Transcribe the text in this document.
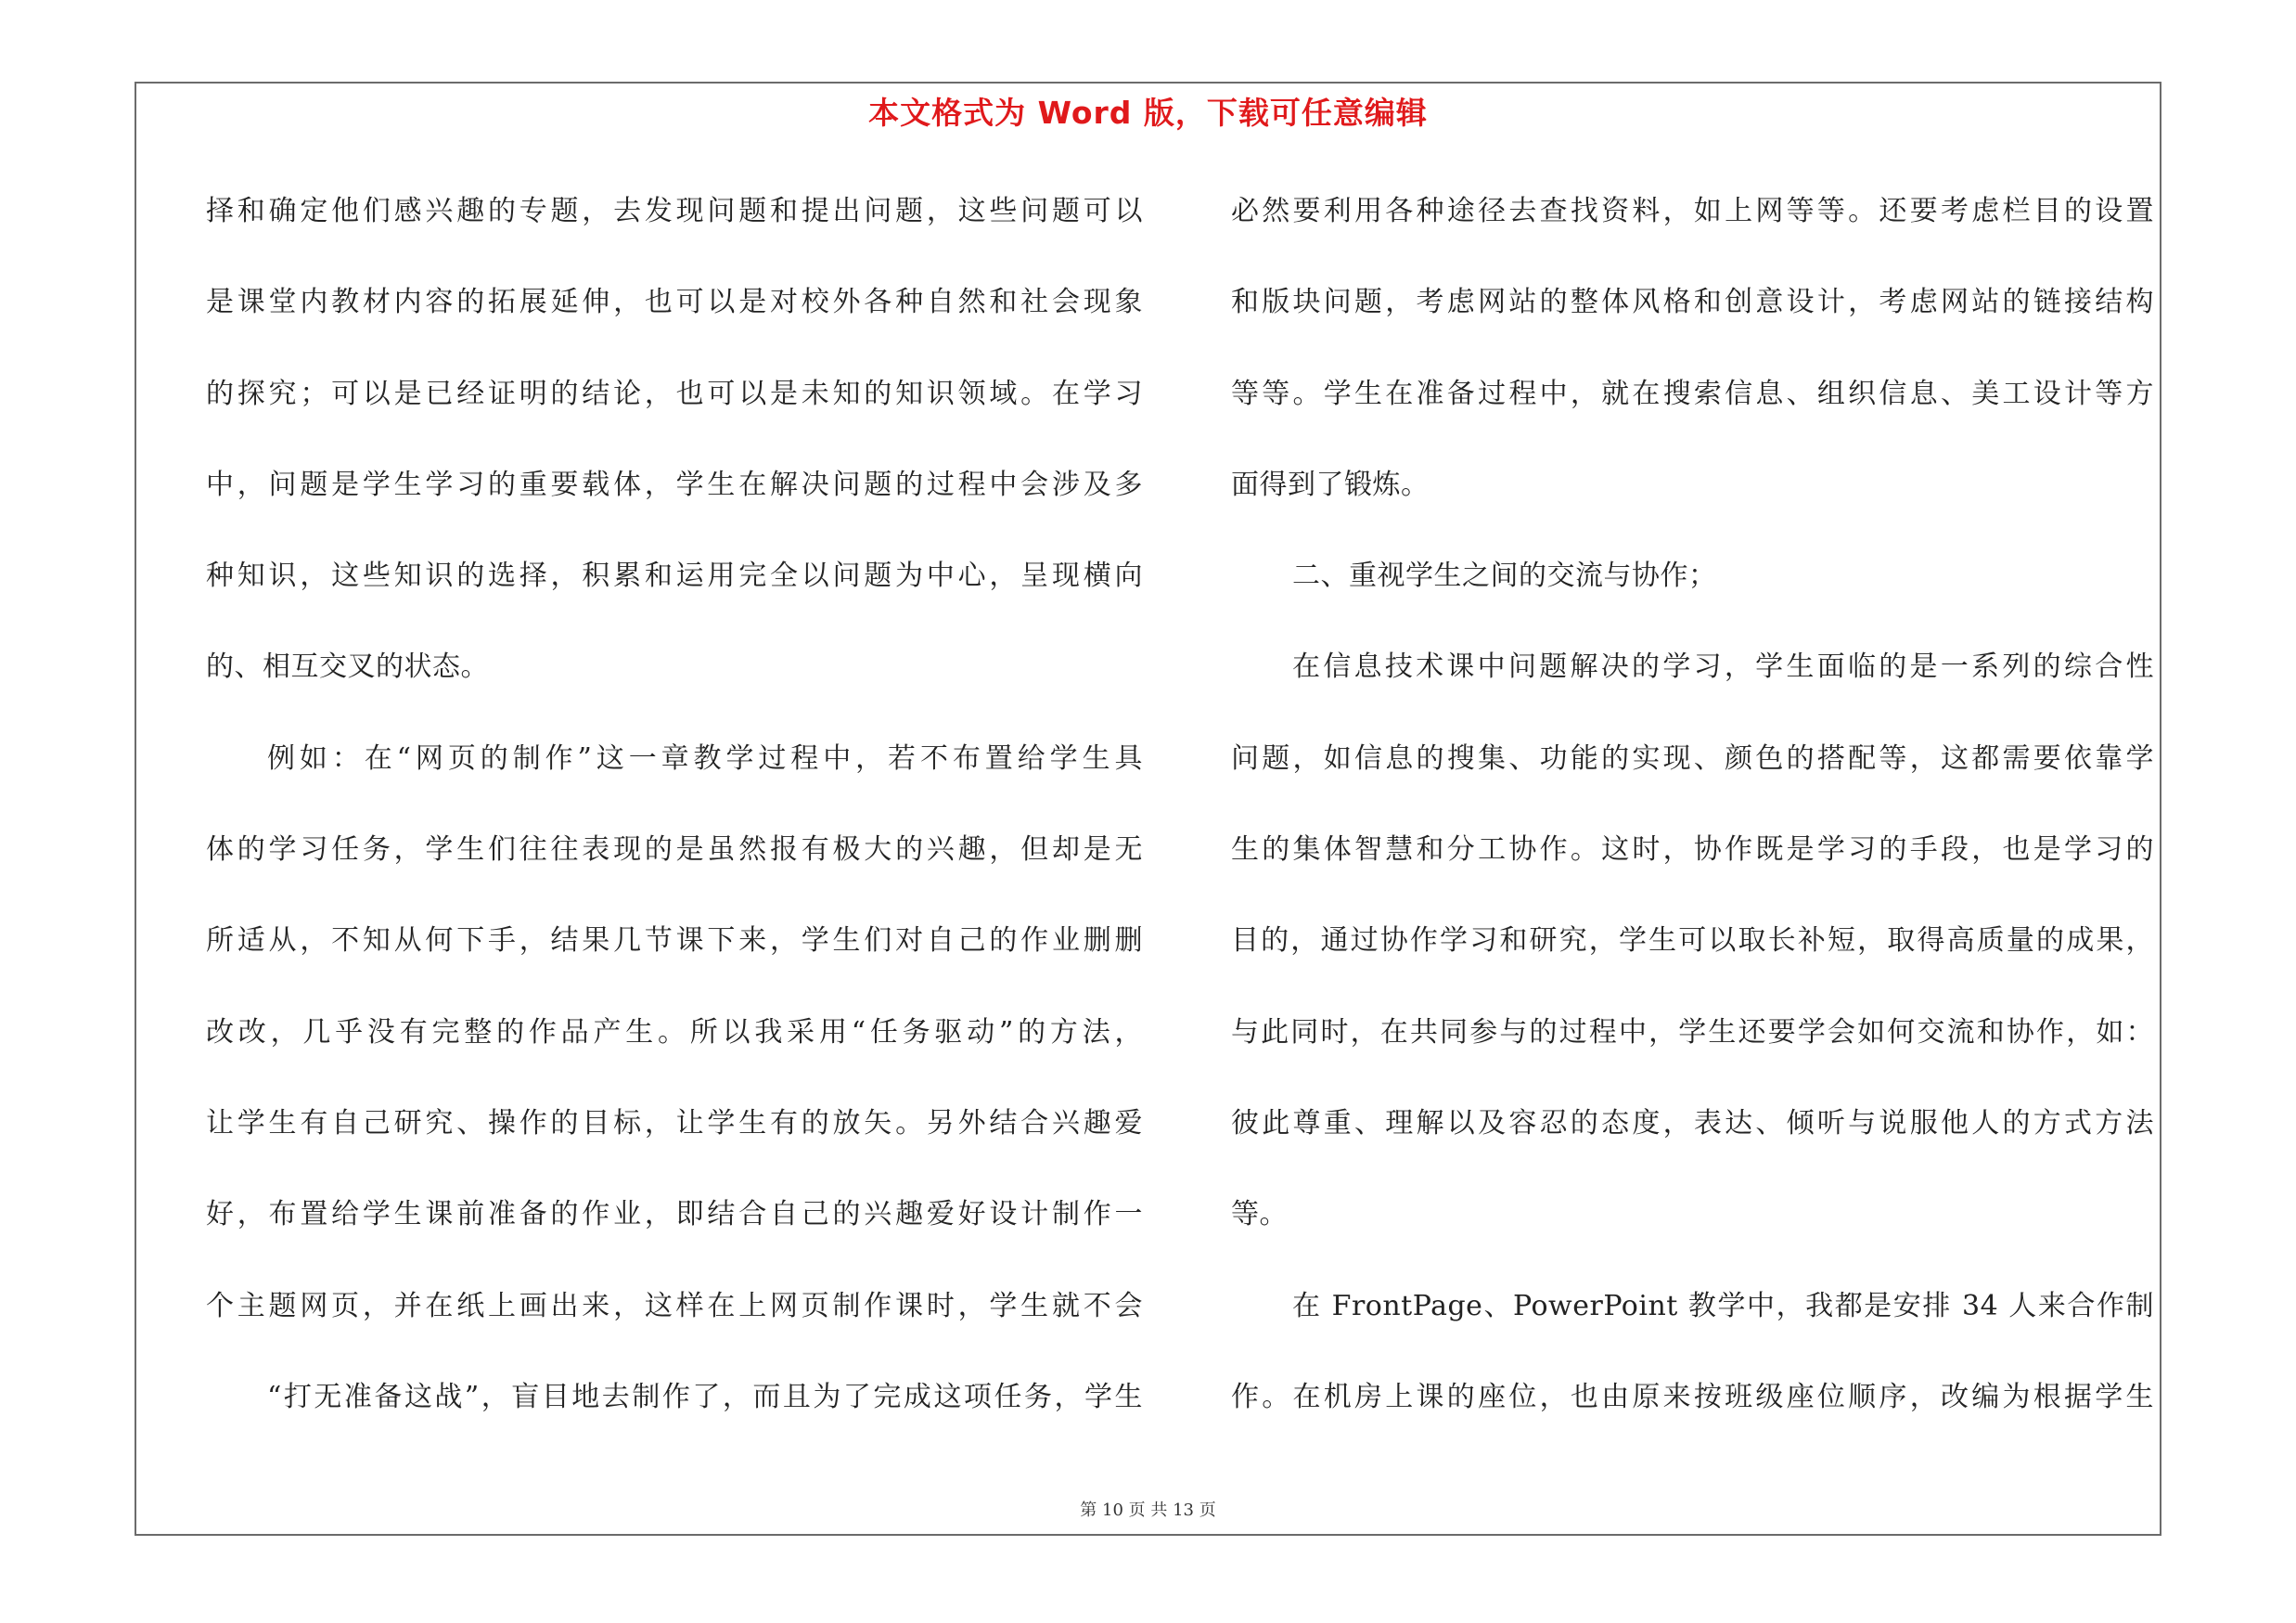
本文格式为 Word 版，下载可任意编辑
择和确定他们感兴趣的专题，去发现问题和提出问题，这些问题可以
是课堂内教材内容的拓展延伸，也可以是对校外各种自然和社会现象
的探究；可以是已经证明的结论，也可以是未知的知识领域。在学习
中，问题是学生学习的重要载体，学生在解决问题的过程中会涉及多
种知识，这些知识的选择，积累和运用完全以问题为中心，呈现横向
的、相互交叉的状态。
例如：在“网页的制作”这一章教学过程中，若不布置给学生具
体的学习任务，学生们往往表现的是虽然报有极大的兴趣，但却是无
所适从，不知从何下手，结果几节课下来，学生们对自己的作业删删
改改，几乎没有完整的作品产生。所以我采用“任务驱动”的方法，
让学生有自己研究、操作的目标，让学生有的放矢。另外结合兴趣爱
好，布置给学生课前准备的作业，即结合自己的兴趣爱好设计制作一
个主题网页，并在纸上画出来，这样在上网页制作课时，学生就不会
“打无准备这战”，盲目地去制作了，而且为了完成这项任务，学生
必然要利用各种途径去查找资料，如上网等等。还要考虑栏目的设置
和版块问题，考虑网站的整体风格和创意设计，考虑网站的链接结构
等等。学生在准备过程中，就在搜索信息、组织信息、美工设计等方
面得到了锻炼。
二、重视学生之间的交流与协作；
在信息技术课中问题解决的学习，学生面临的是一系列的综合性
问题，如信息的搜集、功能的实现、颜色的搭配等，这都需要依靠学
生的集体智慧和分工协作。这时，协作既是学习的手段，也是学习的
目的，通过协作学习和研究，学生可以取长补短，取得高质量的成果，
与此同时，在共同参与的过程中，学生还要学会如何交流和协作，如：
彼此尊重、理解以及容忍的态度，表达、倾听与说服他人的方式方法
等。
在 FrontPage、PowerPoint 教学中，我都是安排 34 人来合作制
作。在机房上课的座位，也由原来按班级座位顺序，改编为根据学生
第 10 页 共 13 页
